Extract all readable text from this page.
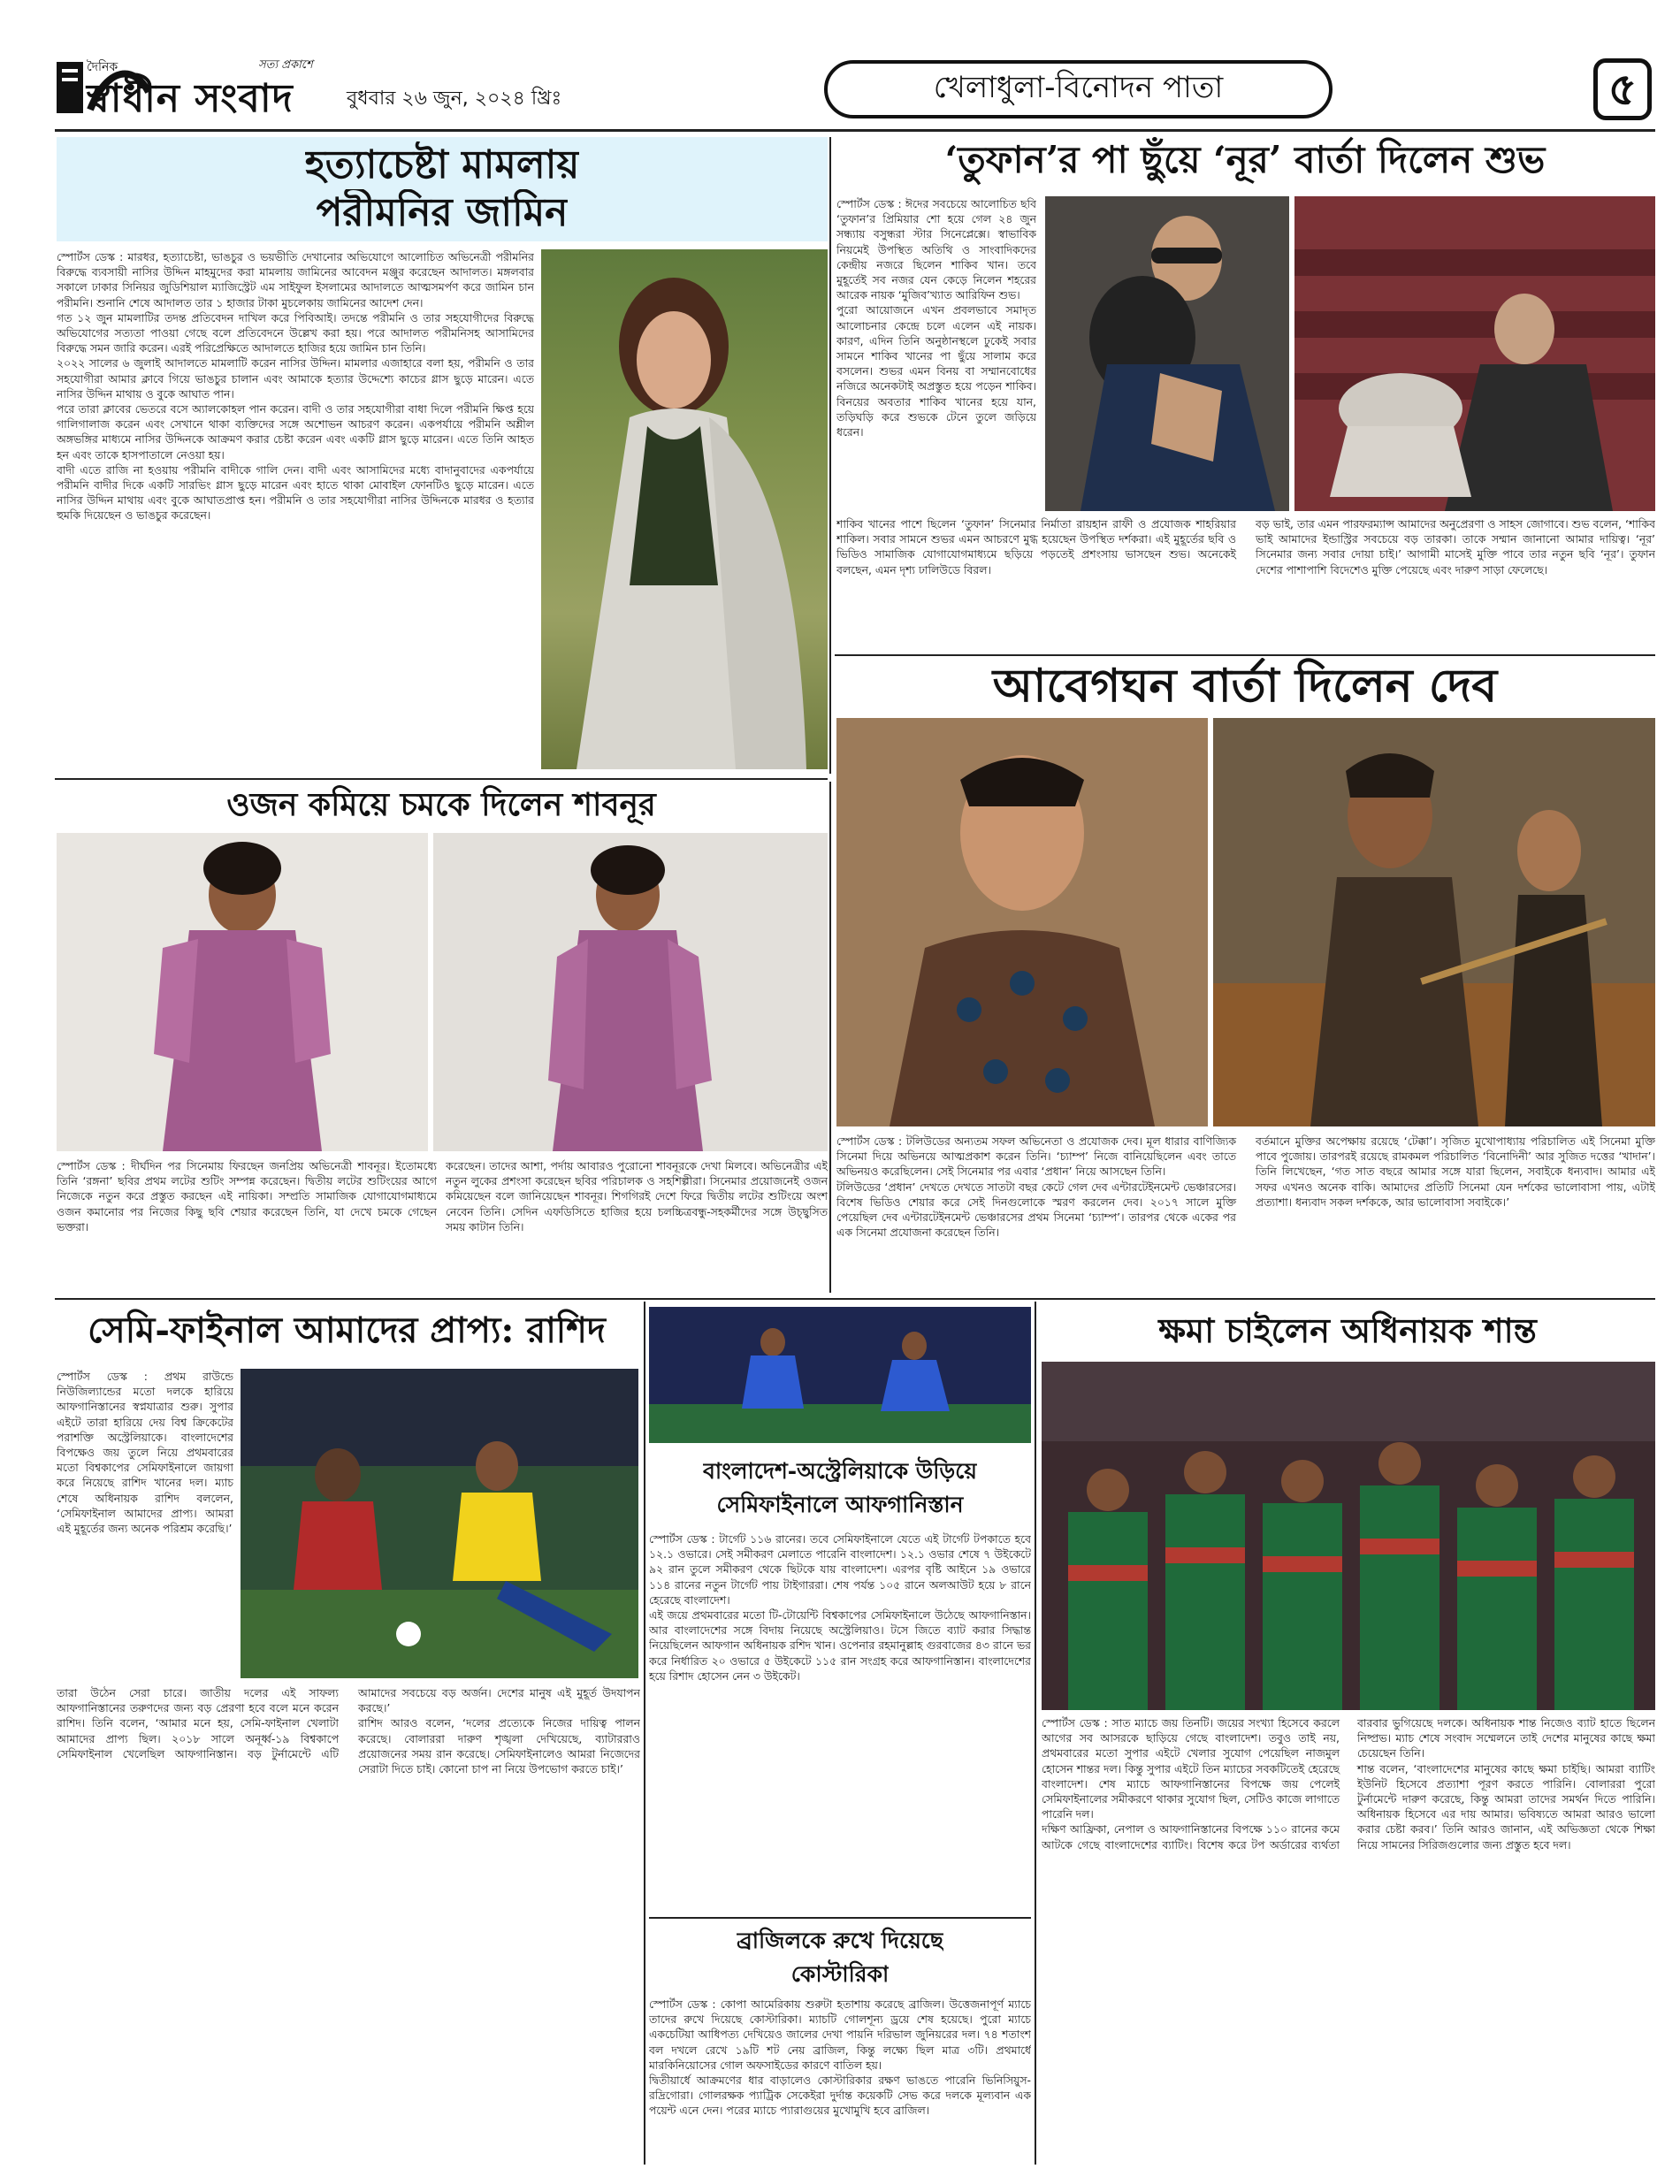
দৈনিক	সত্য প্রকাশে
স্বাধীন সংবাদ	বুধবার ২৬ জুন, ২০২৪ খ্রিঃ	খেলাধুলা-বিনোদন পাতা	৫
হত্যাচেষ্টা মামলায়
পরীমনির জামিন

স্পোর্টস ডেস্ক : মারধর, হত্যাচেষ্টা, ভাঙচুর ও ভয়ভীতি দেখানোর অভিযোগে আলোচিত অভিনেত্রী পরীমনির বিরুদ্ধে ব্যবসায়ী নাসির উদ্দিন মাহমুদের করা মামলায় জামিনের আবেদন মঞ্জুর করেছেন আদালত। মঙ্গলবার সকালে ঢাকার সিনিয়র জুডিশিয়াল ম্যাজিস্ট্রেট এম সাইফুল ইসলামের আদালতে আত্মসমর্পণ করে জামিন চান পরীমনি। শুনানি শেষে আদালত তার ১ হাজার টাকা মুচলেকায় জামিনের আদেশ দেন।

গত ১২ জুন মামলাটির তদন্ত প্রতিবেদন দাখিল করে পিবিআই। তদন্তে পরীমনি ও তার সহযোগীদের বিরুদ্ধে অভিযোগের সত্যতা পাওয়া গেছে বলে প্রতিবেদনে উল্লেখ করা হয়। পরে আদালত পরীমনিসহ আসামিদের বিরুদ্ধে সমন জারি করেন। এরই পরিপ্রেক্ষিতে আদালতে হাজির হয়ে জামিন চান তিনি।

২০২২ সালের ৬ জুলাই আদালতে মামলাটি করেন নাসির উদ্দিন। মামলার এজাহারে বলা হয়, পরীমনি ও তার সহযোগীরা আমার ক্লাবে গিয়ে ভাঙচুর চালান এবং আমাকে হত্যার উদ্দেশ্যে কাচের গ্লাস ছুড়ে মারেন। এতে নাসির উদ্দিন মাথায় ও বুকে আঘাত পান।

পরে তারা ক্লাবের ভেতরে বসে অ্যালকোহল পান করেন। বাদী ও তার সহযোগীরা বাধা দিলে পরীমনি ক্ষিপ্ত হয়ে গালিগালাজ করেন এবং সেখানে থাকা ব্যক্তিদের সঙ্গে অশোভন আচরণ করেন। একপর্যায়ে পরীমনি অশ্লীল অঙ্গভঙ্গির মাধ্যমে নাসির উদ্দিনকে আক্রমণ করার চেষ্টা করেন এবং একটি গ্লাস ছুড়ে মারেন। এতে তিনি আহত হন এবং তাকে হাসপাতালে নেওয়া হয়।

বাদী এতে রাজি না হওয়ায় পরীমনি বাদীকে গালি দেন। বাদী এবং আসামিদের মধ্যে বাদানুবাদের একপর্যায়ে পরীমনি বাদীর দিকে একটি সারভিং গ্লাস ছুড়ে মারেন এবং হাতে থাকা মোবাইল ফোনটিও ছুড়ে মারেন। এতে নাসির উদ্দিন মাথায় এবং বুকে আঘাতপ্রাপ্ত হন। পরীমনি ও তার সহযোগীরা নাসির উদ্দিনকে মারধর ও হত্যার হুমকি দিয়েছেন ও ভাঙচুর করেছেন।

‘তুফান’র পা ছুঁয়ে ‘নূর’ বার্তা দিলেন শুভ

স্পোর্টস ডেস্ক : ঈদের সবচেয়ে আলোচিত ছবি ‘তুফান’র প্রিমিয়ার শো হয়ে গেল ২৪ জুন সন্ধ্যায় বসুন্ধরা স্টার সিনেপ্লেক্সে। স্বাভাবিক নিয়মেই উপস্থিত অতিথি ও সাংবাদিকদের কেন্দ্রীয় নজরে ছিলেন শাকিব খান। তবে মুহূর্তেই সব নজর যেন কেড়ে নিলেন শহরের আরেক নায়ক ‘মুজিব’খ্যাত আরিফিন শুভ।

পুরো আয়োজনে এখন প্রবলভাবে সমাদৃত আলোচনার কেন্দ্রে চলে এলেন এই নায়ক। কারণ, এদিন তিনি অনুষ্ঠানস্থলে ঢুকেই সবার সামনে শাকিব খানের পা ছুঁয়ে সালাম করে বসলেন। শুভর এমন বিনয় বা সম্মানবোধের নজিরে অনেকটাই অপ্রস্তুত হয়ে পড়েন শাকিব। বিনয়ের অবতার শাকিব খানের হয়ে যান, তড়িঘড়ি করে শুভকে টেনে তুলে জড়িয়ে ধরেন।

শাকিব খানের পাশে ছিলেন ‘তুফান’ সিনেমার নির্মাতা রায়হান রাফী ও প্রযোজক শাহরিয়ার শাকিল। সবার সামনে শুভর এমন আচরণে মুগ্ধ হয়েছেন উপস্থিত দর্শকরা। এই মুহূর্তের ছবি ও ভিডিও সামাজিক যোগাযোগমাধ্যমে ছড়িয়ে পড়তেই প্রশংসায় ভাসছেন শুভ। অনেকেই বলছেন, এমন দৃশ্য ঢালিউডে বিরল।

বড় ভাই, তার এমন পারফরম্যান্স আমাদের অনুপ্রেরণা ও সাহস জোগাবে। শুভ বলেন, ‘শাকিব ভাই আমাদের ইন্ডাস্ট্রির সবচেয়ে বড় তারকা। তাকে সম্মান জানানো আমার দায়িত্ব। ‘নূর’ সিনেমার জন্য সবার দোয়া চাই।’ আগামী মাসেই মুক্তি পাবে তার নতুন ছবি ‘নূর’। তুফান দেশের পাশাপাশি বিদেশেও মুক্তি পেয়েছে এবং দারুণ সাড়া ফেলেছে।

আবেগঘন বার্তা দিলেন দেব

স্পোর্টস ডেস্ক : টলিউডের অন্যতম সফল অভিনেতা ও প্রযোজক দেব। মূল ধারার বাণিজ্যিক সিনেমা দিয়ে অভিনয়ে আত্মপ্রকাশ করেন তিনি। ‘চ্যাম্প’ নিজে বানিয়েছিলেন এবং তাতে অভিনয়ও করেছিলেন। সেই সিনেমার পর এবার ‘প্রধান’ নিয়ে আসছেন তিনি।

টলিউডের ‘প্রধান’ দেখতে দেখতে সাতটা বছর কেটে গেল দেব এন্টারটেইনমেন্ট ভেঞ্চারসের। বিশেষ ভিডিও শেয়ার করে সেই দিনগুলোকে স্মরণ করলেন দেব। ২০১৭ সালে মুক্তি পেয়েছিল দেব এন্টারটেইনমেন্ট ভেঞ্চারসের প্রথম সিনেমা ‘চ্যাম্প’। তারপর থেকে একের পর এক সিনেমা প্রযোজনা করেছেন তিনি।

বর্তমানে মুক্তির অপেক্ষায় রয়েছে ‘টেক্কা’। সৃজিত মুখোপাধ্যায় পরিচালিত এই সিনেমা মুক্তি পাবে পুজোয়। তারপরই রয়েছে রামকমল পরিচালিত ‘বিনোদিনী’ আর সুজিত দত্তের ‘খাদান’। তিনি লিখেছেন, ‘গত সাত বছরে আমার সঙ্গে যারা ছিলেন, সবাইকে ধন্যবাদ। আমার এই সফর এখনও অনেক বাকি। আমাদের প্রতিটি সিনেমা যেন দর্শকের ভালোবাসা পায়, এটাই প্রত্যাশা। ধন্যবাদ সকল দর্শককে, আর ভালোবাসা সবাইকে।’

ওজন কমিয়ে চমকে দিলেন শাবনূর

স্পোর্টস ডেস্ক : দীর্ঘদিন পর সিনেমায় ফিরছেন জনপ্রিয় অভিনেত্রী শাবনূর। ইতোমধ্যে তিনি ‘রঙ্গনা’ ছবির প্রথম লটের শুটিং সম্পন্ন করেছেন। দ্বিতীয় লটের শুটিংয়ের আগে নিজেকে নতুন করে প্রস্তুত করছেন এই নায়িকা। সম্প্রতি সামাজিক যোগাযোগমাধ্যমে ওজন কমানোর পর নিজের কিছু ছবি শেয়ার করেছেন তিনি, যা দেখে চমকে গেছেন ভক্তরা।

করেছেন। তাদের আশা, পর্দায় আবারও পুরোনো শাবনূরকে দেখা মিলবে। অভিনেত্রীর এই নতুন লুকের প্রশংসা করেছেন ছবির পরিচালক ও সহশিল্পীরা। সিনেমার প্রয়োজনেই ওজন কমিয়েছেন বলে জানিয়েছেন শাবনূর। শিগগিরই দেশে ফিরে দ্বিতীয় লটের শুটিংয়ে অংশ নেবেন তিনি। সেদিন এফডিসিতে হাজির হয়ে চলচ্চিত্রবন্ধু-সহকর্মীদের সঙ্গে উচ্ছ্বসিত সময় কাটান তিনি।

সেমি-ফাইনাল আমাদের প্রাপ্য: রাশিদ

স্পোর্টস ডেস্ক : প্রথম রাউন্ডে নিউজিল্যান্ডের মতো দলকে হারিয়ে আফগানিস্তানের স্বপ্নযাত্রার শুরু। সুপার এইটে তারা হারিয়ে দেয় বিশ্ব ক্রিকেটের পরাশক্তি অস্ট্রেলিয়াকে। বাংলাদেশের বিপক্ষেও জয় তুলে নিয়ে প্রথমবারের মতো বিশ্বকাপের সেমিফাইনালে জায়গা করে নিয়েছে রাশিদ খানের দল। ম্যাচ শেষে অধিনায়ক রাশিদ বললেন, ‘সেমিফাইনাল আমাদের প্রাপ্য। আমরা এই মুহূর্তের জন্য অনেক পরিশ্রম করেছি।’

তারা উঠেন সেরা চারে। জাতীয় দলের এই সাফল্য আফগানিস্তানের তরুণদের জন্য বড় প্রেরণা হবে বলে মনে করেন রাশিদ। তিনি বলেন, ‘আমার মনে হয়, সেমি-ফাইনাল খেলাটা আমাদের প্রাপ্য ছিল। ২০১৮ সালে অনূর্ধ্ব-১৯ বিশ্বকাপে সেমিফাইনাল খেলেছিল আফগানিস্তান। বড় টুর্নামেন্টে এটি আমাদের সবচেয়ে বড় অর্জন। দেশের মানুষ এই মুহূর্ত উদযাপন করছে।’

রাশিদ আরও বলেন, ‘দলের প্রত্যেকে নিজের দায়িত্ব পালন করেছে। বোলাররা দারুণ শৃঙ্খলা দেখিয়েছে, ব্যাটাররাও প্রয়োজনের সময় রান করেছে। সেমিফাইনালেও আমরা নিজেদের সেরাটা দিতে চাই। কোনো চাপ না নিয়ে উপভোগ করতে চাই।’

বাংলাদেশ-অস্ট্রেলিয়াকে উড়িয়ে
সেমিফাইনালে আফগানিস্তান

স্পোর্টস ডেস্ক : টার্গেট ১১৬ রানের। তবে সেমিফাইনালে যেতে এই টার্গেট টপকাতে হবে ১২.১ ওভারে। সেই সমীকরণ মেলাতে পারেনি বাংলাদেশ। ১২.১ ওভার শেষে ৭ উইকেটে ৯২ রান তুলে সমীকরণ থেকে ছিটকে যায় বাংলাদেশ। এরপর বৃষ্টি আইনে ১৯ ওভারে ১১৪ রানের নতুন টার্গেট পায় টাইগাররা। শেষ পর্যন্ত ১০৫ রানে অলআউট হয়ে ৮ রানে হেরেছে বাংলাদেশ।

এই জয়ে প্রথমবারের মতো টি-টোয়েন্টি বিশ্বকাপের সেমিফাইনালে উঠেছে আফগানিস্তান। আর বাংলাদেশের সঙ্গে বিদায় নিয়েছে অস্ট্রেলিয়াও। টসে জিতে ব্যাট করার সিদ্ধান্ত নিয়েছিলেন আফগান অধিনায়ক রশিদ খান। ওপেনার রহমানুল্লাহ গুরবাজের ৪৩ রানে ভর করে নির্ধারিত ২০ ওভারে ৫ উইকেটে ১১৫ রান সংগ্রহ করে আফগানিস্তান। বাংলাদেশের হয়ে রিশাদ হোসেন নেন ৩ উইকেট।

ব্রাজিলকে রুখে দিয়েছে
কোস্টারিকা

স্পোর্টস ডেস্ক : কোপা আমেরিকায় শুরুটা হতাশায় করেছে ব্রাজিল। উত্তেজনাপূর্ণ ম্যাচে তাদের রুখে দিয়েছে কোস্টারিকা। ম্যাচটি গোলশূন্য ড্রয়ে শেষ হয়েছে। পুরো ম্যাচে একচেটিয়া আধিপত্য দেখিয়েও জালের দেখা পায়নি দরিভাল জুনিয়রের দল। ৭৪ শতাংশ বল দখলে রেখে ১৯টি শট নেয় ব্রাজিল, কিন্তু লক্ষ্যে ছিল মাত্র ৩টি। প্রথমার্ধে মারকিনিয়োসের গোল অফসাইডের কারণে বাতিল হয়।

দ্বিতীয়ার্ধে আক্রমণের ধার বাড়ালেও কোস্টারিকার রক্ষণ ভাঙতে পারেনি ভিনিসিয়ুস-রদ্রিগোরা। গোলরক্ষক প্যাট্রিক সেকেইরা দুর্দান্ত কয়েকটি সেভ করে দলকে মূল্যবান এক পয়েন্ট এনে দেন। পরের ম্যাচে প্যারাগুয়ের মুখোমুখি হবে ব্রাজিল।

ক্ষমা চাইলেন অধিনায়ক শান্ত

স্পোর্টস ডেস্ক : সাত ম্যাচে জয় তিনটি। জয়ের সংখ্যা হিসেবে করলে আগের সব আসরকে ছাড়িয়ে গেছে বাংলাদেশ। তবুও তাই নয়, প্রথমবারের মতো সুপার এইটে খেলার সুযোগ পেয়েছিল নাজমুল হোসেন শান্তর দল। কিন্তু সুপার এইটে তিন ম্যাচের সবকটিতেই হেরেছে বাংলাদেশ। শেষ ম্যাচে আফগানিস্তানের বিপক্ষে জয় পেলেই সেমিফাইনালের সমীকরণে থাকার সুযোগ ছিল, সেটিও কাজে লাগাতে পারেনি দল।

দক্ষিণ আফ্রিকা, নেপাল ও আফগানিস্তানের বিপক্ষে ১১০ রানের কমে আটকে গেছে বাংলাদেশের ব্যাটিং। বিশেষ করে টপ অর্ডারের ব্যর্থতা বারবার ভুগিয়েছে দলকে। অধিনায়ক শান্ত নিজেও ব্যাট হাতে ছিলেন নিষ্প্রভ। ম্যাচ শেষে সংবাদ সম্মেলনে তাই দেশের মানুষের কাছে ক্ষমা চেয়েছেন তিনি।

শান্ত বলেন, ‘বাংলাদেশের মানুষের কাছে ক্ষমা চাইছি। আমরা ব্যাটিং ইউনিট হিসেবে প্রত্যাশা পূরণ করতে পারিনি। বোলাররা পুরো টুর্নামেন্টে দারুণ করেছে, কিন্তু আমরা তাদের সমর্থন দিতে পারিনি। অধিনায়ক হিসেবে এর দায় আমার। ভবিষ্যতে আমরা আরও ভালো করার চেষ্টা করব।’ তিনি আরও জানান, এই অভিজ্ঞতা থেকে শিক্ষা নিয়ে সামনের সিরিজগুলোর জন্য প্রস্তুত হবে দল।
